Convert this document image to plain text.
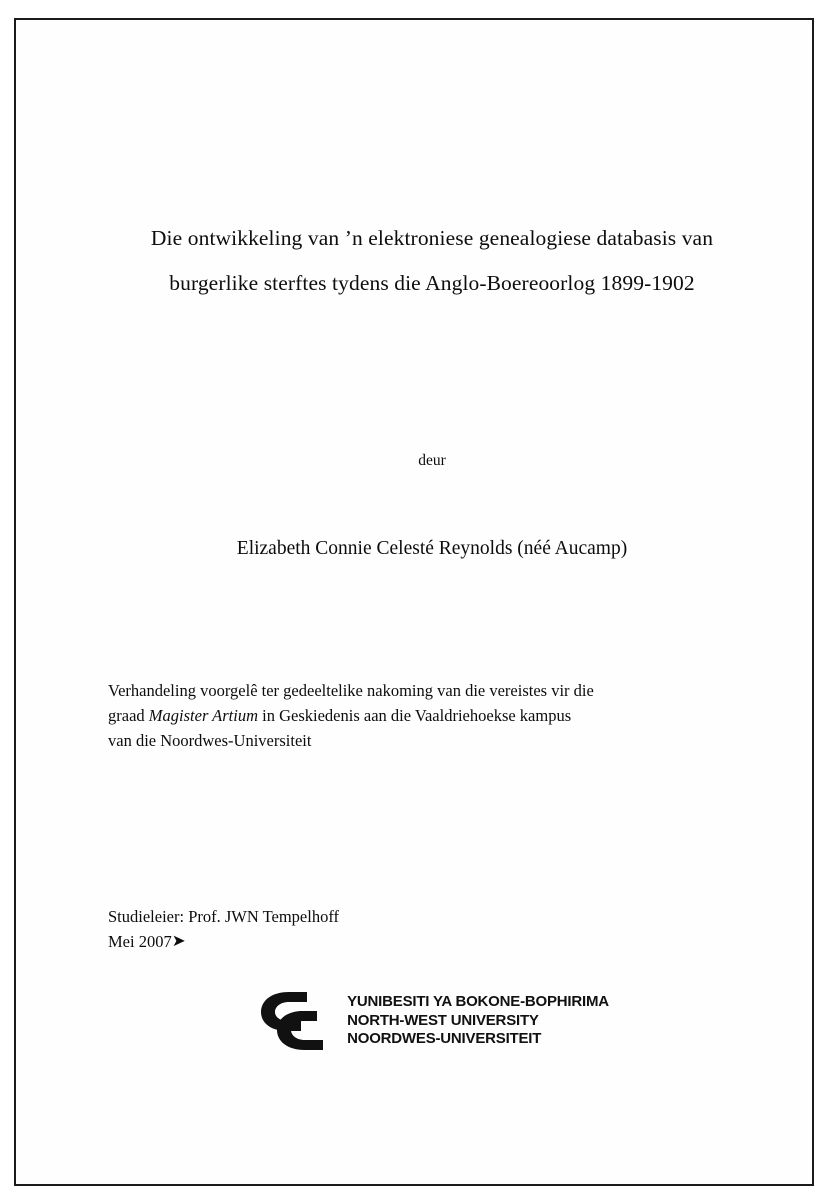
Die ontwikkeling van ’n elektroniese genealogiese databasis van
burgerlike sterftes tydens die Anglo-Boereoorlog 1899-1902
deur
Elizabeth Connie Celesté Reynolds (néé Aucamp)

Verhandeling voorgelê ter gedeeltelike nakoming van die vereistes vir die

graad Magister Artium in Geskiedenis aan die Vaaldriehoekse kampus

van die Noordwes-Universiteit

Studieleier: Prof. JWN Tempelhoff

Mei 2007➤

YUNIBESITI YA BOKONE-BOPHIRIMA
NORTH-WEST UNIVERSITY
NOORDWES-UNIVERSITEIT
